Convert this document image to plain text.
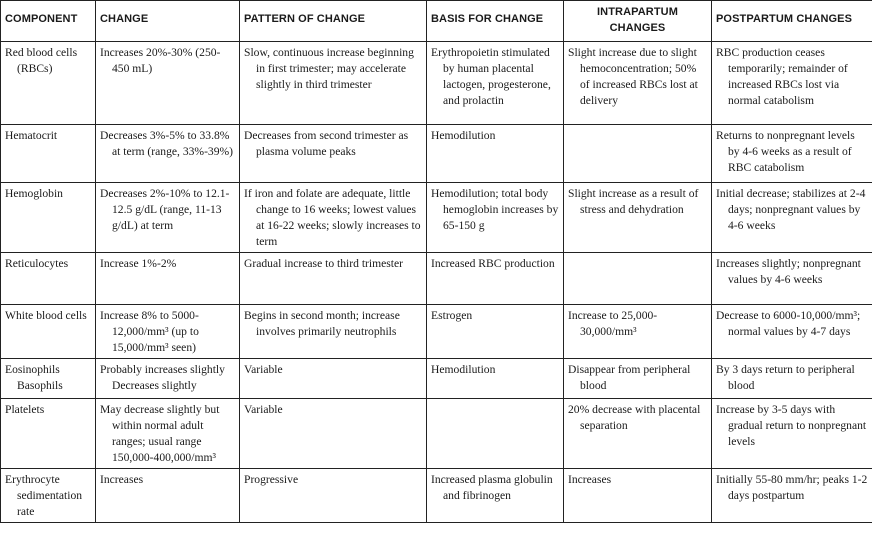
COMPONENT	CHANGE	PATTERN OF CHANGE	BASIS FOR CHANGE	INTRAPARTUM CHANGES	POSTPARTUM CHANGES

Red blood cells (RBCs)	Increases 20%-30% (250-450 mL)	Slow, continuous increase beginning in first trimester; may accelerate slightly in third trimester	Erythropoietin stimulated by human placental lactogen, progesterone, and prolactin	Slight increase due to slight hemoconcentration; 50% of increased RBCs lost at delivery	RBC production ceases temporarily; remainder of increased RBCs lost via normal catabolism

Hematocrit	Decreases 3%-5% to 33.8% at term (range, 33%-39%)	Decreases from second trimester as plasma volume peaks	Hemodilution		Returns to nonpregnant levels by 4-6 weeks as a result of RBC catabolism

Hemoglobin	Decreases 2%-10% to 12.1-12.5 g/dL (range, 11-13 g/dL) at term	If iron and folate are adequate, little change to 16 weeks; lowest values at 16-22 weeks; slowly increases to term	Hemodilution; total body hemoglobin increases by 65-150 g	Slight increase as a result of stress and dehydration	Initial decrease; stabilizes at 2-4 days; nonpregnant values by 4-6 weeks

Reticulocytes	Increase 1%-2%	Gradual increase to third trimester	Increased RBC production		Increases slightly; nonpregnant values by 4-6 weeks

White blood cells	Increase 8% to 5000-12,000/mm³ (up to 15,000/mm³ seen)	Begins in second month; increase involves primarily neutrophils	Estrogen	Increase to 25,000-30,000/mm³	Decrease to 6000-10,000/mm³; normal values by 4-7 days

Eosinophils Basophils	Probably increases slightly Decreases slightly	Variable	Hemodilution	Disappear from peripheral blood	By 3 days return to peripheral blood

Platelets	May decrease slightly but within normal adult ranges; usual range 150,000-400,000/mm³	Variable		20% decrease with placental separation	Increase by 3-5 days with gradual return to nonpregnant levels

Erythrocyte sedimentation rate	Increases	Progressive	Increased plasma globulin and fibrinogen	Increases	Initially 55-80 mm/hr; peaks 1-2 days postpartum
